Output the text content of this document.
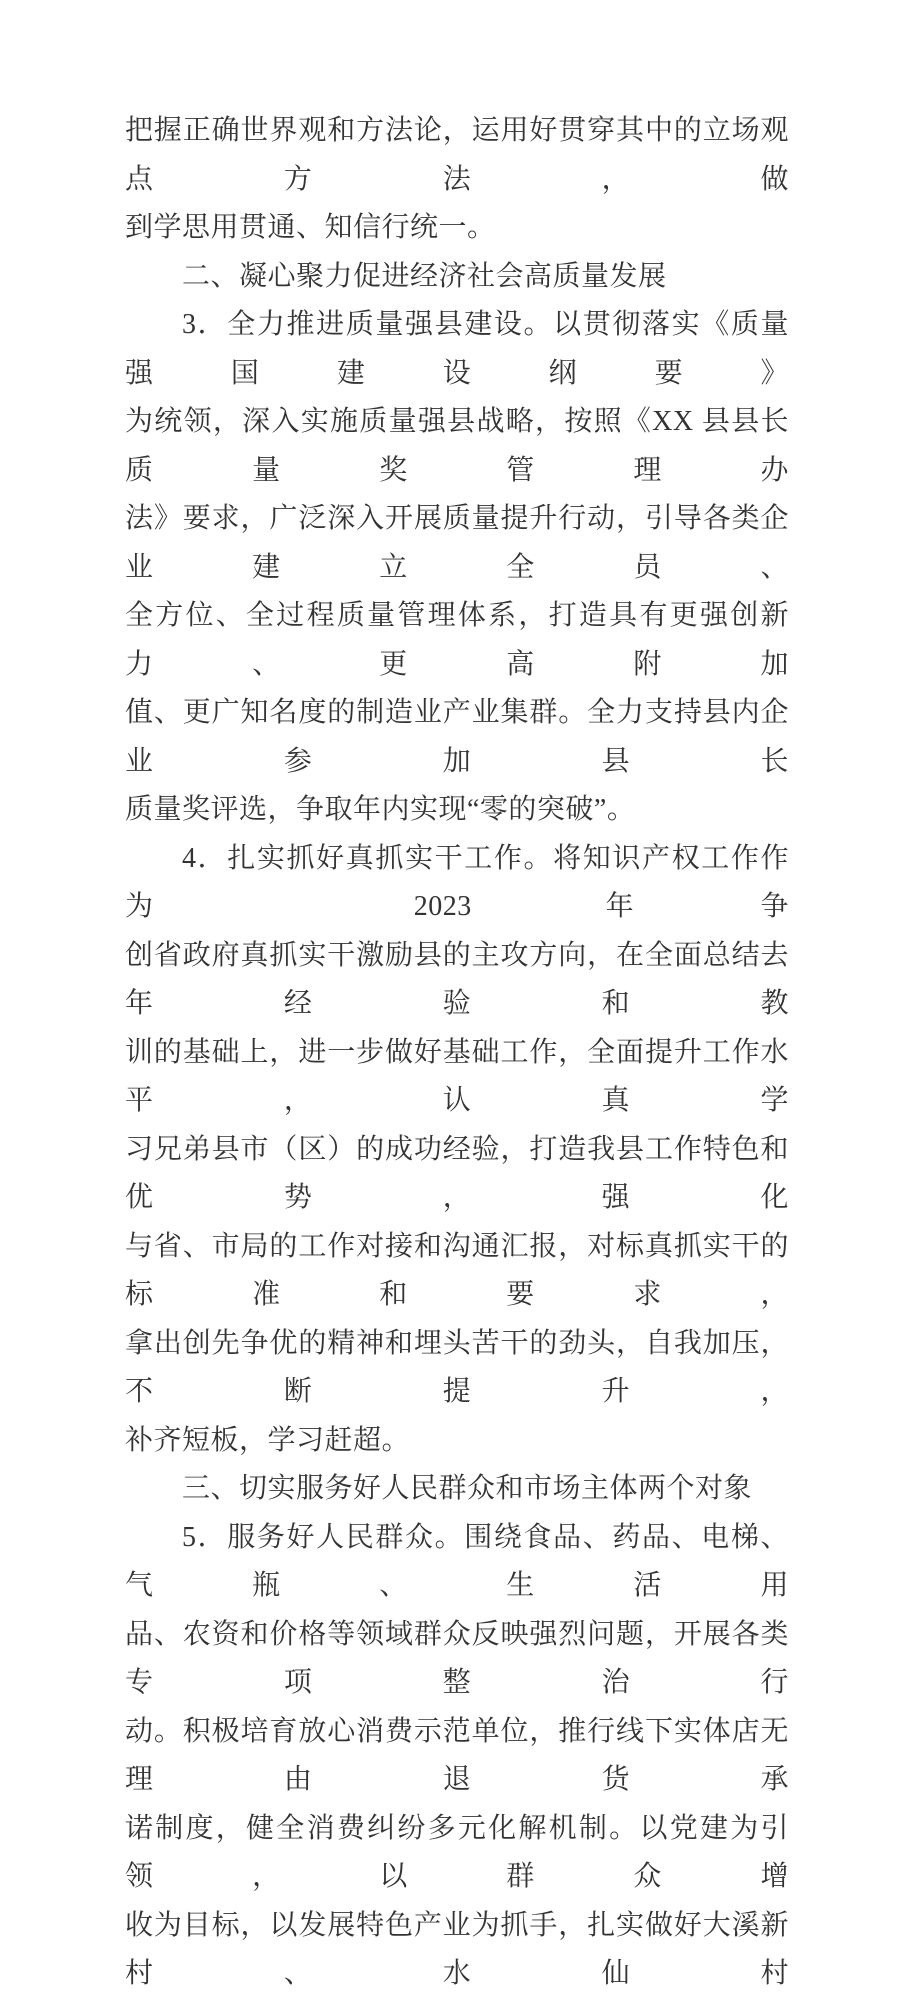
把握正确世界观和方法论，运用好贯穿其中的立场观点方法，做
到学思用贯通、知信行统一。
二、凝心聚力促进经济社会高质量发展
3．全力推进质量强县建设。以贯彻落实《质量强国建设纲要》
为统领，深入实施质量强县战略，按照《XX 县县长质量奖管理办
法》要求，广泛深入开展质量提升行动，引导各类企业建立全员、
全方位、全过程质量管理体系，打造具有更强创新力、更高附加
值、更广知名度的制造业产业集群。全力支持县内企业参加县长
质量奖评选，争取年内实现“零的突破”。
4．扎实抓好真抓实干工作。将知识产权工作作为 2023 年争
创省政府真抓实干激励县的主攻方向，在全面总结去年经验和教
训的基础上，进一步做好基础工作，全面提升工作水平，认真学
习兄弟县市（区）的成功经验，打造我县工作特色和优势，强化
与省、市局的工作对接和沟通汇报，对标真抓实干的标准和要求，
拿出创先争优的精神和埋头苦干的劲头，自我加压，不断提升，
补齐短板，学习赶超。
三、切实服务好人民群众和市场主体两个对象
5．服务好人民群众。围绕食品、药品、电梯、气瓶、生活用
品、农资和价格等领域群众反映强烈问题，开展各类专项整治行
动。积极培育放心消费示范单位，推行线下实体店无理由退货承
诺制度，健全消费纠纷多元化解机制。以党建为引领，以群众增
收为目标，以发展特色产业为抓手，扎实做好大溪新村、水仙村
